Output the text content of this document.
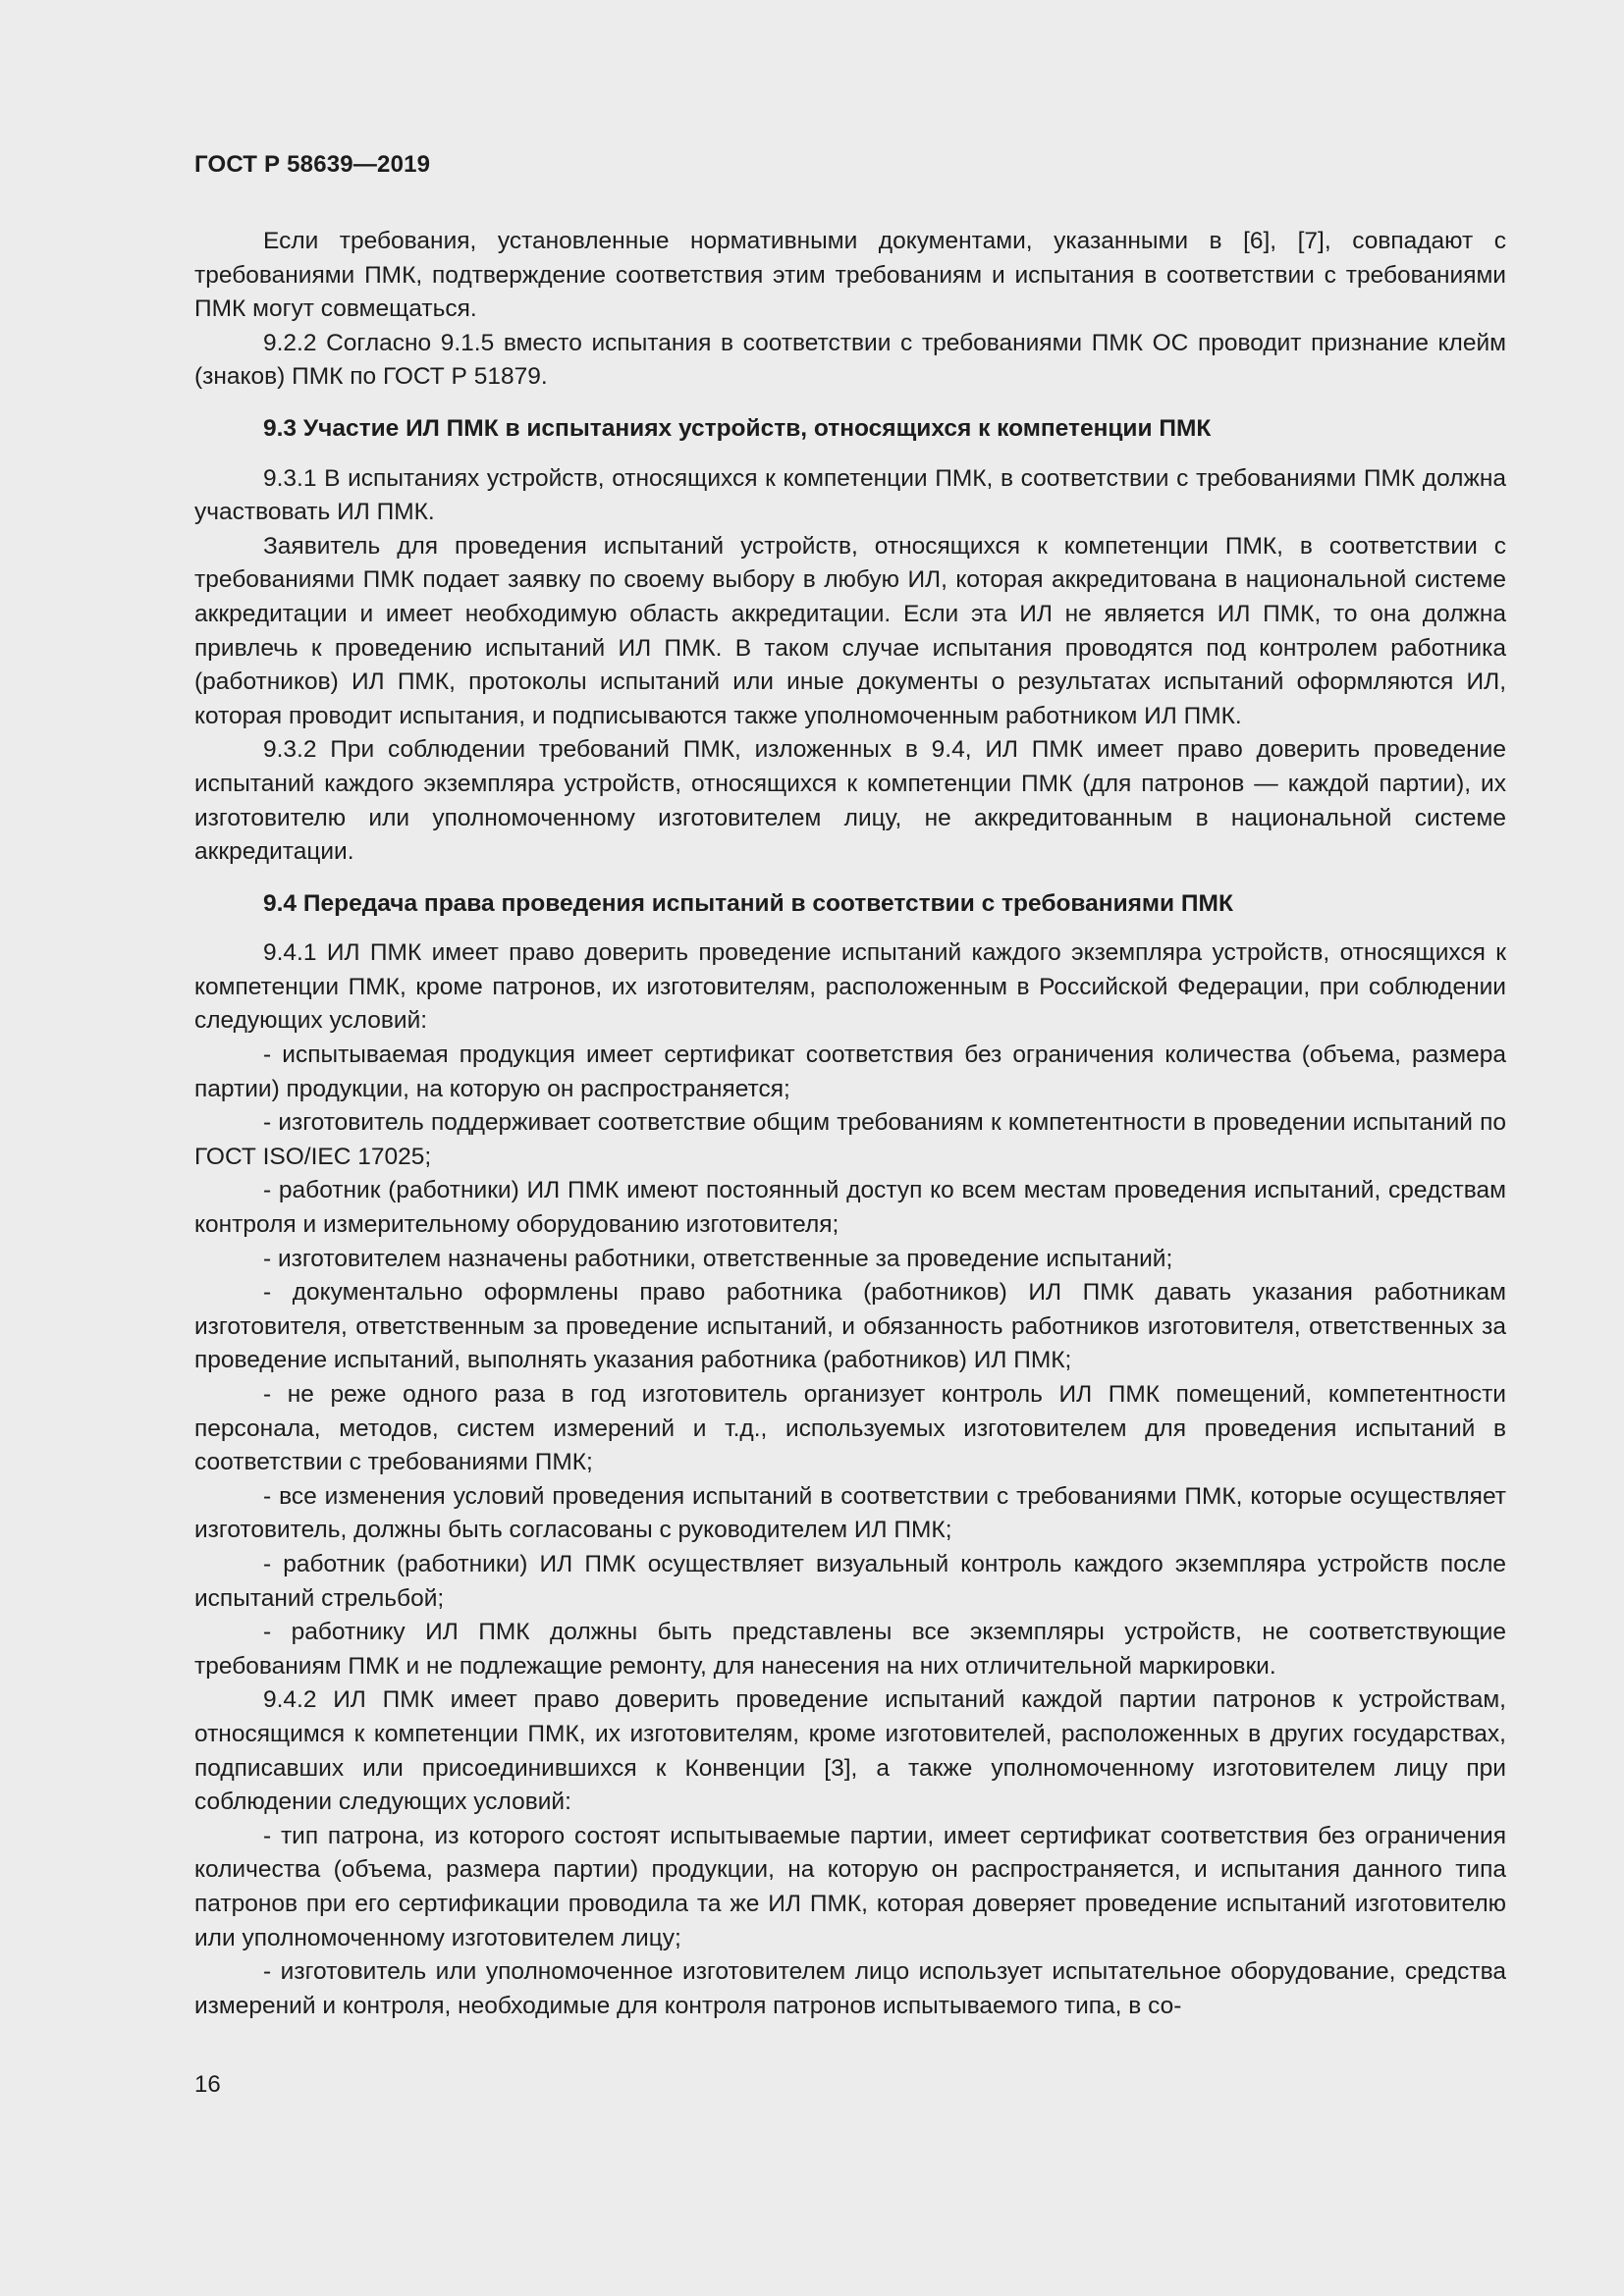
ГОСТ Р 58639—2019

Если требования, установленные нормативными документами, указанными в [6], [7], совпадают с требованиями ПМК, подтверждение соответствия этим требованиям и испытания в соответствии с требованиями ПМК могут совмещаться.

9.2.2 Согласно 9.1.5 вместо испытания в соответствии с требованиями ПМК ОС проводит признание клейм (знаков) ПМК по ГОСТ Р 51879.

9.3 Участие ИЛ ПМК в испытаниях устройств, относящихся к компетенции ПМК

9.3.1 В испытаниях устройств, относящихся к компетенции ПМК, в соответствии с требованиями ПМК должна участвовать ИЛ ПМК.

Заявитель для проведения испытаний устройств, относящихся к компетенции ПМК, в соответствии с требованиями ПМК подает заявку по своему выбору в любую ИЛ, которая аккредитована в национальной системе аккредитации и имеет необходимую область аккредитации. Если эта ИЛ не является ИЛ ПМК, то она должна привлечь к проведению испытаний ИЛ ПМК. В таком случае испытания проводятся под контролем работника (работников) ИЛ ПМК, протоколы испытаний или иные документы о результатах испытаний оформляются ИЛ, которая проводит испытания, и подписываются также уполномоченным работником ИЛ ПМК.

9.3.2 При соблюдении требований ПМК, изложенных в 9.4, ИЛ ПМК имеет право доверить проведение испытаний каждого экземпляра устройств, относящихся к компетенции ПМК (для патронов — каждой партии), их изготовителю или уполномоченному изготовителем лицу, не аккредитованным в национальной системе аккредитации.

9.4 Передача права проведения испытаний в соответствии с требованиями ПМК

9.4.1 ИЛ ПМК имеет право доверить проведение испытаний каждого экземпляра устройств, относящихся к компетенции ПМК, кроме патронов, их изготовителям, расположенным в Российской Федерации, при соблюдении следующих условий:

- испытываемая продукция имеет сертификат соответствия без ограничения количества (объема, размера партии) продукции, на которую он распространяется;

- изготовитель поддерживает соответствие общим требованиям к компетентности в проведении испытаний по ГОСТ ISO/IEC 17025;

- работник (работники) ИЛ ПМК имеют постоянный доступ ко всем местам проведения испытаний, средствам контроля и измерительному оборудованию изготовителя;

- изготовителем назначены работники, ответственные за проведение испытаний;

- документально оформлены право работника (работников) ИЛ ПМК давать указания работникам изготовителя, ответственным за проведение испытаний, и обязанность работников изготовителя, ответственных за проведение испытаний, выполнять указания работника (работников) ИЛ ПМК;

- не реже одного раза в год изготовитель организует контроль ИЛ ПМК помещений, компетентности персонала, методов, систем измерений и т.д., используемых изготовителем для проведения испытаний в соответствии с требованиями ПМК;

- все изменения условий проведения испытаний в соответствии с требованиями ПМК, которые осуществляет изготовитель, должны быть согласованы с руководителем ИЛ ПМК;

- работник (работники) ИЛ ПМК осуществляет визуальный контроль каждого экземпляра устройств после испытаний стрельбой;

- работнику ИЛ ПМК должны быть представлены все экземпляры устройств, не соответствующие требованиям ПМК и не подлежащие ремонту, для нанесения на них отличительной маркировки.

9.4.2 ИЛ ПМК имеет право доверить проведение испытаний каждой партии патронов к устройствам, относящимся к компетенции ПМК, их изготовителям, кроме изготовителей, расположенных в других государствах, подписавших или присоединившихся к Конвенции [3], а также уполномоченному изготовителем лицу при соблюдении следующих условий:

- тип патрона, из которого состоят испытываемые партии, имеет сертификат соответствия без ограничения количества (объема, размера партии) продукции, на которую он распространяется, и испытания данного типа патронов при его сертификации проводила та же ИЛ ПМК, которая доверяет проведение испытаний изготовителю или уполномоченному изготовителем лицу;

- изготовитель или уполномоченное изготовителем лицо использует испытательное оборудование, средства измерений и контроля, необходимые для контроля патронов испытываемого типа, в со-

16
